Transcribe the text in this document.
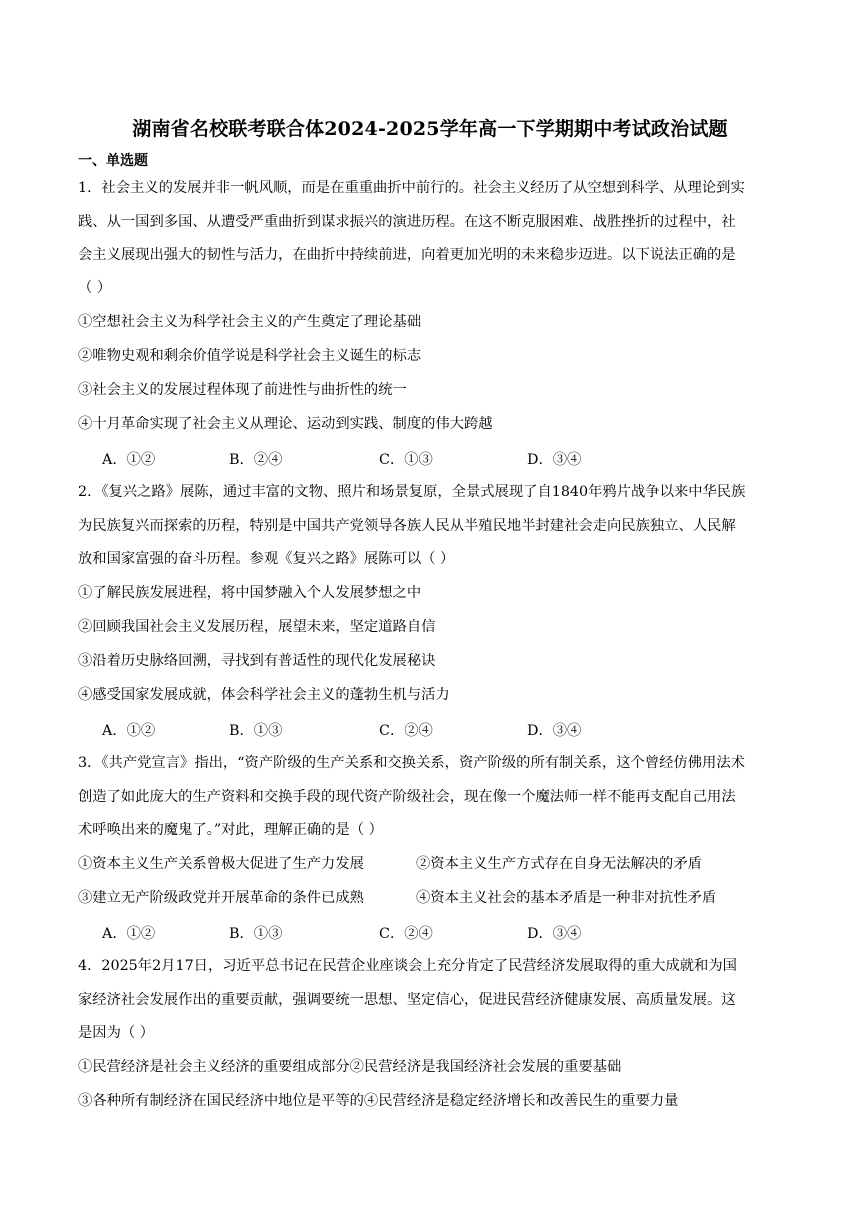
湖南省名校联考联合体2024-2025学年高一下学期期中考试政治试题
一、单选题
1．社会主义的发展并非一帆风顺，而是在重重曲折中前行的。社会主义经历了从空想到科学、从理论到实
践、从一国到多国、从遭受严重曲折到谋求振兴的演进历程。在这不断克服困难、战胜挫折的过程中，社
会主义展现出强大的韧性与活力，在曲折中持续前进，向着更加光明的未来稳步迈进。以下说法正确的是
（ ）
①空想社会主义为科学社会主义的产生奠定了理论基础
②唯物史观和剩余价值学说是科学社会主义诞生的标志
③社会主义的发展过程体现了前进性与曲折性的统一
④十月革命实现了社会主义从理论、运动到实践、制度的伟大跨越
A．①②	B．②④	C．①③	D．③④
2．《复兴之路》展陈，通过丰富的文物、照片和场景复原，全景式展现了自1840年鸦片战争以来中华民族
为民族复兴而探索的历程，特别是中国共产党领导各族人民从半殖民地半封建社会走向民族独立、人民解
放和国家富强的奋斗历程。参观《复兴之路》展陈可以（ ）
①了解民族发展进程，将中国梦融入个人发展梦想之中
②回顾我国社会主义发展历程，展望未来，坚定道路自信
③沿着历史脉络回溯，寻找到有普适性的现代化发展秘诀
④感受国家发展成就，体会科学社会主义的蓬勃生机与活力
A．①②	B．①③	C．②④	D．③④
3．《共产党宣言》指出，“资产阶级的生产关系和交换关系，资产阶级的所有制关系，这个曾经仿佛用法术
创造了如此庞大的生产资料和交换手段的现代资产阶级社会，现在像一个魔法师一样不能再支配自己用法
术呼唤出来的魔鬼了。”对此，理解正确的是（ ）
①资本主义生产关系曾极大促进了生产力发展	②资本主义生产方式存在自身无法解决的矛盾
③建立无产阶级政党并开展革命的条件已成熟	④资本主义社会的基本矛盾是一种非对抗性矛盾
A．①②	B．①③	C．②④	D．③④
4．2025年2月17日，习近平总书记在民营企业座谈会上充分肯定了民营经济发展取得的重大成就和为国
家经济社会发展作出的重要贡献，强调要统一思想、坚定信心，促进民营经济健康发展、高质量发展。这
是因为（ ）
①民营经济是社会主义经济的重要组成部分②民营经济是我国经济社会发展的重要基础
③各种所有制经济在国民经济中地位是平等的④民营经济是稳定经济增长和改善民生的重要力量
